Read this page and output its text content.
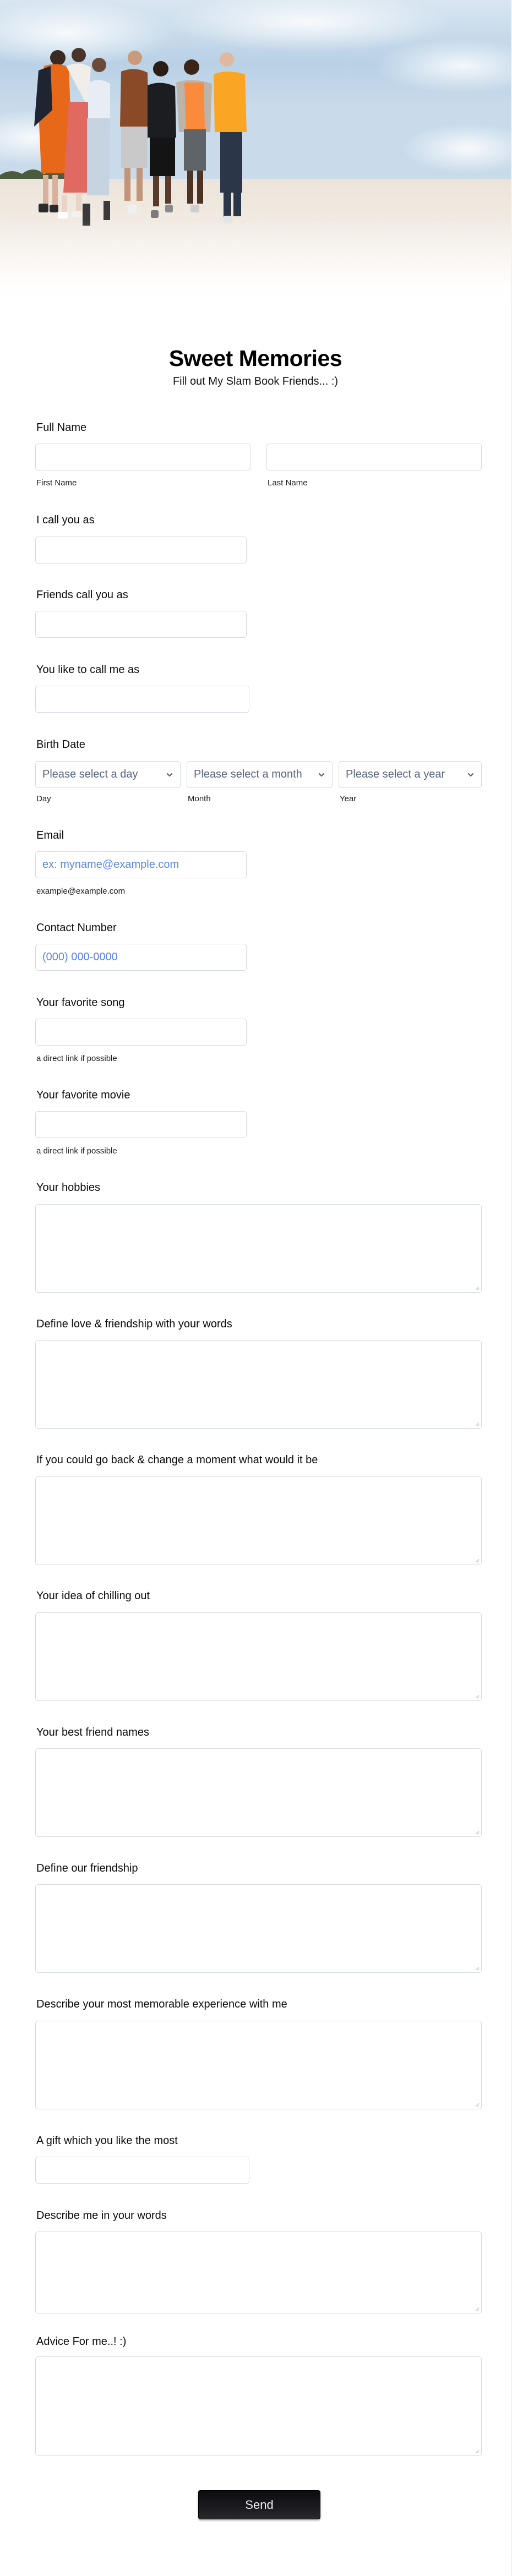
Sweet Memories
Fill out My Slam Book Friends... :)
Full Name
First Name	Last Name
I call you as
Friends call you as
You like to call me as
Birth Date
Please select a day	Please select a month	Please select a year
Day	Month	Year
Email
ex: myname@example.com
example@example.com
Contact Number
(000) 000-0000
Your favorite song
a direct link if possible
Your favorite movie
a direct link if possible
Your hobbies
Define love & friendship with your words
If you could go back & change a moment what would it be
Your idea of chilling out
Your best friend names
Define our friendship
Describe your most memorable experience with me
A gift which you like the most
Describe me in your words
Advice For me..! :)
Send
